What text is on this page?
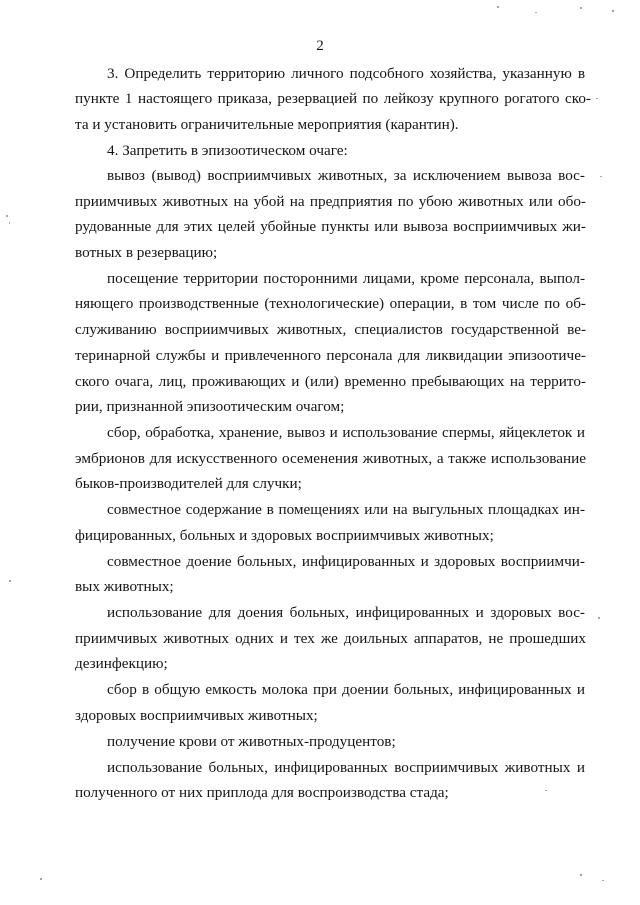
2
3. Определить территорию личного подсобного хозяйства, указанную в
пункте 1 настоящего приказа, резервацией по лейкозу крупного рогатого ско-
та и установить ограничительные мероприятия (карантин).
4. Запретить в эпизоотическом очаге:
вывоз (вывод) восприимчивых животных, за исключением вывоза вос-
приимчивых животных на убой на предприятия по убою животных или обо-
рудованные для этих целей убойные пункты или вывоза восприимчивых жи-
вотных в резервацию;
посещение территории посторонними лицами, кроме персонала, выпол-
няющего производственные (технологические) операции, в том числе по об-
служиванию восприимчивых животных, специалистов государственной ве-
теринарной службы и привлеченного персонала для ликвидации эпизоотиче-
ского очага, лиц, проживающих и (или) временно пребывающих на террито-
рии, признанной эпизоотическим очагом;
сбор, обработка, хранение, вывоз и использование спермы, яйцеклеток и
эмбрионов для искусственного осеменения животных, а также использование
быков-производителей для случки;
совместное содержание в помещениях или на выгульных площадках ин-
фицированных, больных и здоровых восприимчивых животных;
совместное доение больных, инфицированных и здоровых восприимчи-
вых животных;
использование для доения больных, инфицированных и здоровых вос-
приимчивых животных одних и тех же доильных аппаратов, не прошедших
дезинфекцию;
сбор в общую емкость молока при доении больных, инфицированных и
здоровых восприимчивых животных;
получение крови от животных-продуцентов;
использование больных, инфицированных восприимчивых животных и
полученного от них приплода для воспроизводства стада;
